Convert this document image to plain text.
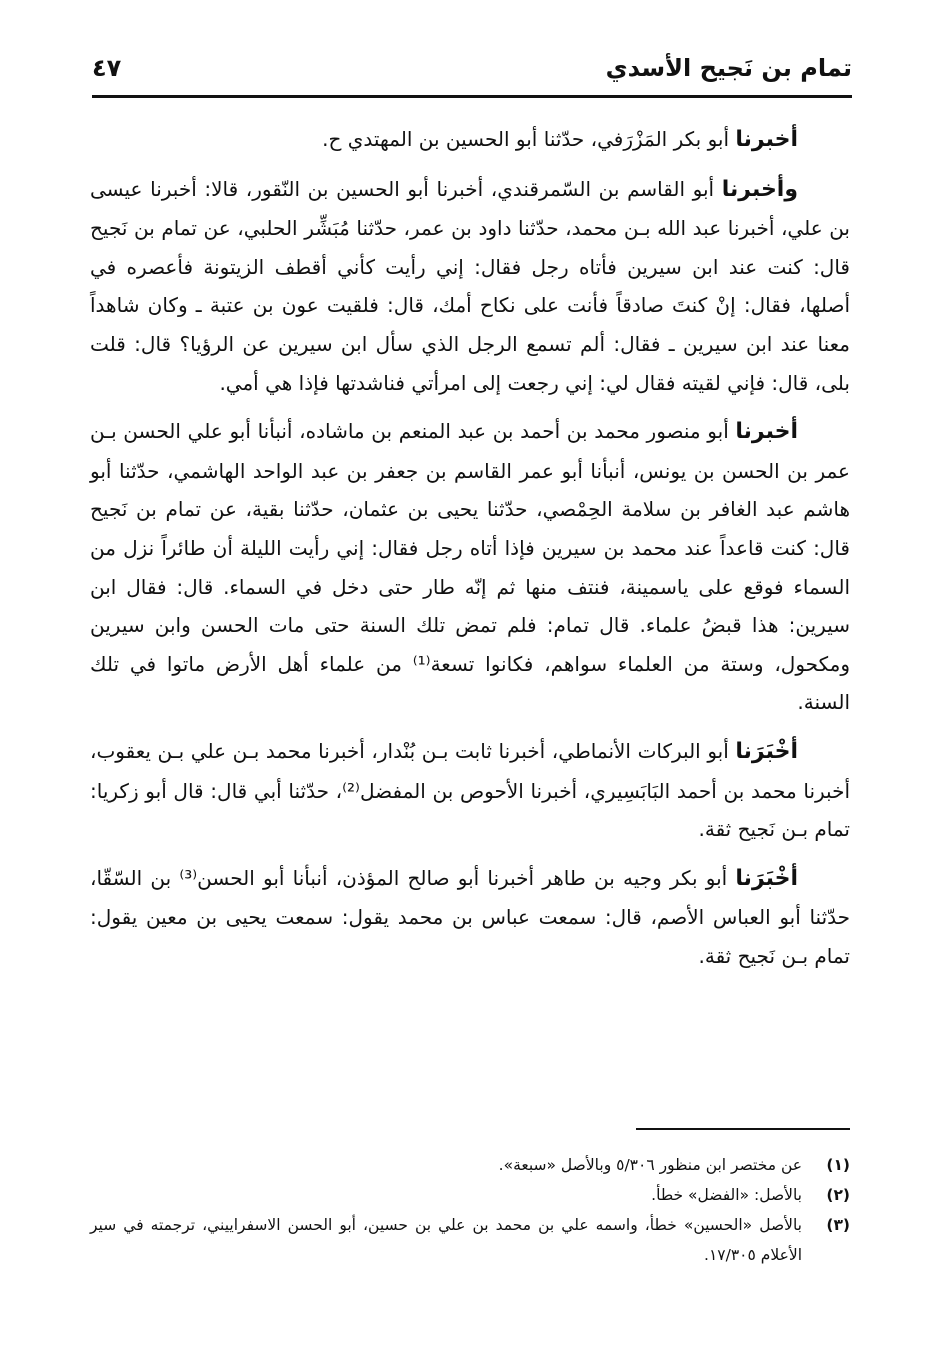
تمام بن نَجيح الأسدي
٤٧

أخبرنا أبو بكر المَزْرَفي، حدّثنا أبو الحسين بن المهتدي ح.

وأخبرنا أبو القاسم بن السّمرقندي، أخبرنا أبو الحسين بن النّقور، قالا: أخبرنا عيسى بن علي، أخبرنا عبد الله بـن محمد، حدّثنا داود بن عمر، حدّثنا مُبَشِّر الحلبي، عن تمام بن نَجيح قال: كنت عند ابن سيرين فأتاه رجل فقال: إني رأيت كأني أقطف الزيتونة فأعصره في أصلها، فقال: إنْ كنتَ صادقاً فأنت على نكاح أمك، قال: فلقيت عون بن عتبة ـ وكان شاهداً معنا عند ابن سيرين ـ فقال: ألم تسمع الرجل الذي سأل ابن سيرين عن الرؤيا؟ قال: قلت بلى، قال: فإني لقيته فقال لي: إني رجعت إلى امرأتي فناشدتها فإذا هي أمي.

أخبرنا أبو منصور محمد بن أحمد بن عبد المنعم بن ماشاده، أنبأنا أبو علي الحسن بـن عمر بن الحسن بن يونس، أنبأنا أبو عمر القاسم بن جعفر بن عبد الواحد الهاشمي، حدّثنا أبو هاشم عبد الغافر بن سلامة الحِمْصي، حدّثنا يحيى بن عثمان، حدّثنا بقية، عن تمام بن نَجيح قال: كنت قاعداً عند محمد بن سيرين فإذا أتاه رجل فقال: إني رأيت الليلة أن طائراً نزل من السماء فوقع على ياسمينة، فنتف منها ثم إنّه طار حتى دخل في السماء. قال: فقال ابن سيرين: هذا قبضُ علماء. قال تمام: فلم تمض تلك السنة حتى مات الحسن وابن سيرين ومكحول، وستة من العلماء سواهم، فكانوا تسعة⁽¹⁾ من علماء أهل الأرض ماتوا في تلك السنة.

أخْبَرَنا أبو البركات الأنماطي، أخبرنا ثابت بـن بُنْدار، أخبرنا محمد بـن علي بـن يعقوب، أخبرنا محمد بن أحمد البَابَسِيري، أخبرنا الأحوص بن المفضل⁽²⁾، حدّثنا أبي قال: قال أبو زكريا: تمام بـن نَجيح ثقة.

أخْبَرَنا أبو بكر وجيه بن طاهر أخبرنا أبو صالح المؤذن، أنبأنا أبو الحسن⁽³⁾ بن السّقّا، حدّثنا أبو العباس الأصم، قال: سمعت عباس بن محمد يقول: سمعت يحيى بن معين يقول: تمام بـن نَجيح ثقة.

(١)
عن مختصر ابن منظور ٥/٣٠٦ وبالأصل «سبعة».
(٢)
بالأصل: «الفضل» خطأ.
(٣)
بالأصل «الحسين» خطأ، واسمه علي بن محمد بن علي بن حسين، أبو الحسن الاسفراييني، ترجمته في سير الأعلام ١٧/٣٠٥.
